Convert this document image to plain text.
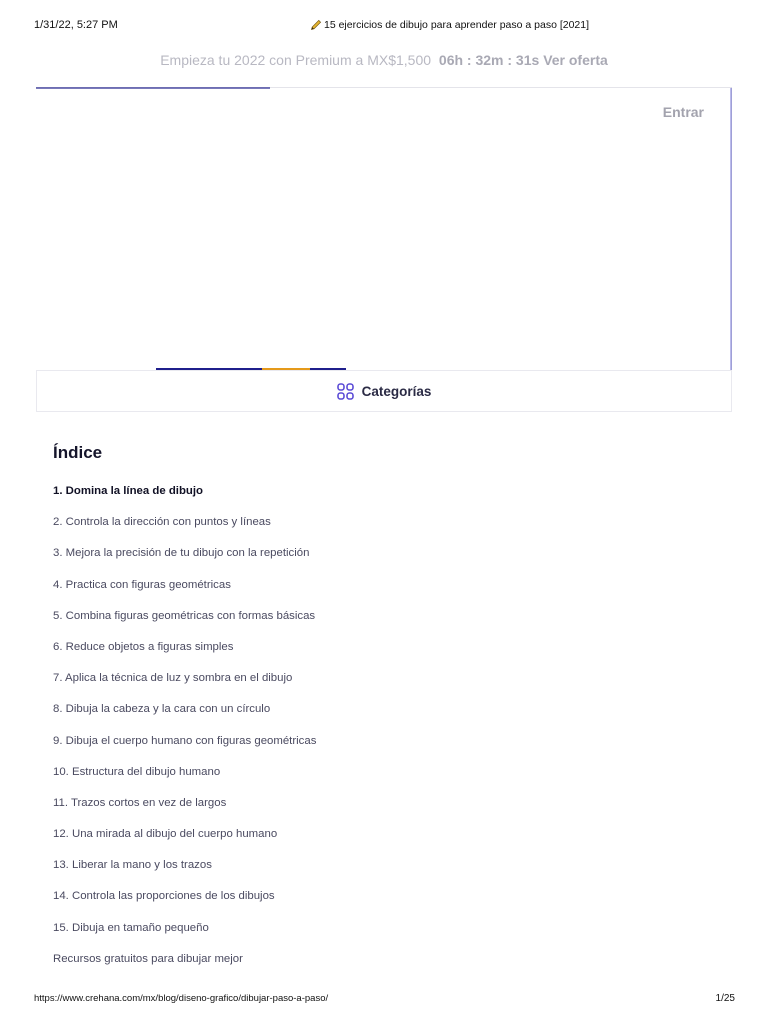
1/31/22, 5:27 PM	15 ejercicios de dibujo para aprender paso a paso [2021]
Empieza tu 2022 con Premium a MX$1,500 06h : 32m : 31s Ver oferta
Entrar
Categorías
Índice
1. Domina la línea de dibujo
2. Controla la dirección con puntos y líneas
3. Mejora la precisión de tu dibujo con la repetición
4. Practica con figuras geométricas
5. Combina figuras geométricas con formas básicas
6. Reduce objetos a figuras simples
7. Aplica la técnica de luz y sombra en el dibujo
8. Dibuja la cabeza y la cara con un círculo
9. Dibuja el cuerpo humano con figuras geométricas
10. Estructura del dibujo humano
11. Trazos cortos en vez de largos
12. Una mirada al dibujo del cuerpo humano
13. Liberar la mano y los trazos
14. Controla las proporciones de los dibujos
15. Dibuja en tamaño pequeño
Recursos gratuitos para dibujar mejor
https://www.crehana.com/mx/blog/diseno-grafico/dibujar-paso-a-paso/	1/25
